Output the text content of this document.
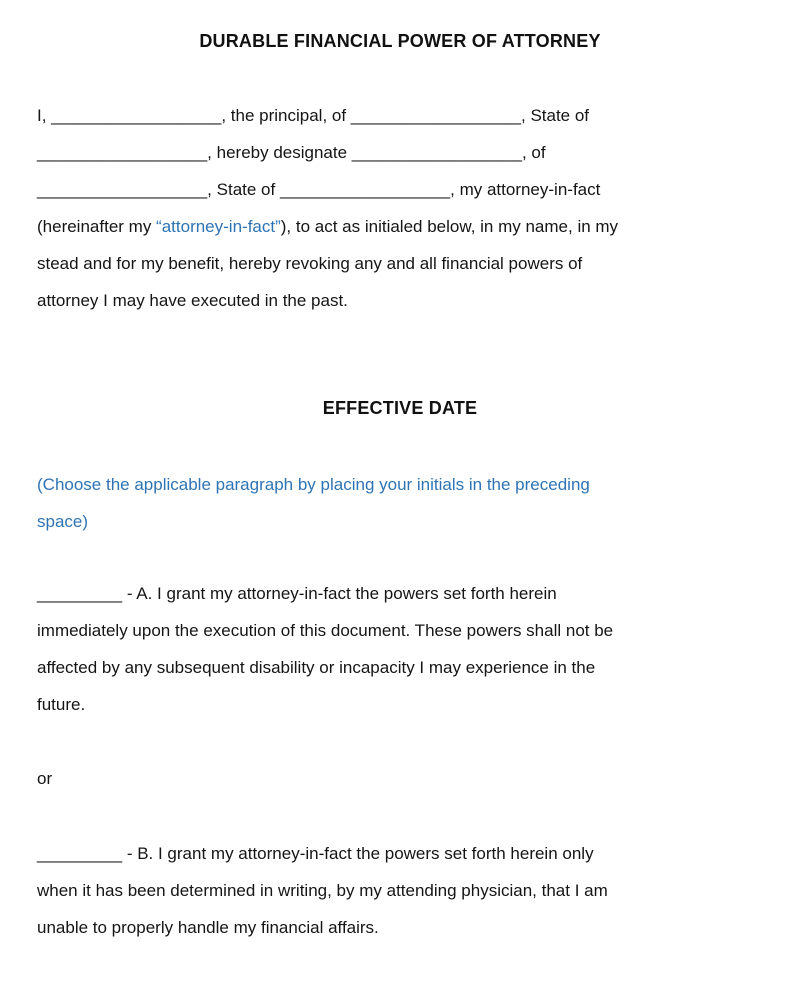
DURABLE FINANCIAL POWER OF ATTORNEY
I, __________________, the principal, of __________________, State of
__________________, hereby designate __________________, of
__________________, State of __________________, my attorney-in-fact
(hereinafter my “attorney-in-fact”), to act as initialed below, in my name, in my
stead and for my benefit, hereby revoking any and all financial powers of
attorney I may have executed in the past.
EFFECTIVE DATE
(Choose the applicable paragraph by placing your initials in the preceding
space)
_________ - A. I grant my attorney-in-fact the powers set forth herein
immediately upon the execution of this document. These powers shall not be
affected by any subsequent disability or incapacity I may experience in the
future.
or
_________ - B. I grant my attorney-in-fact the powers set forth herein only
when it has been determined in writing, by my attending physician, that I am
unable to properly handle my financial affairs.
